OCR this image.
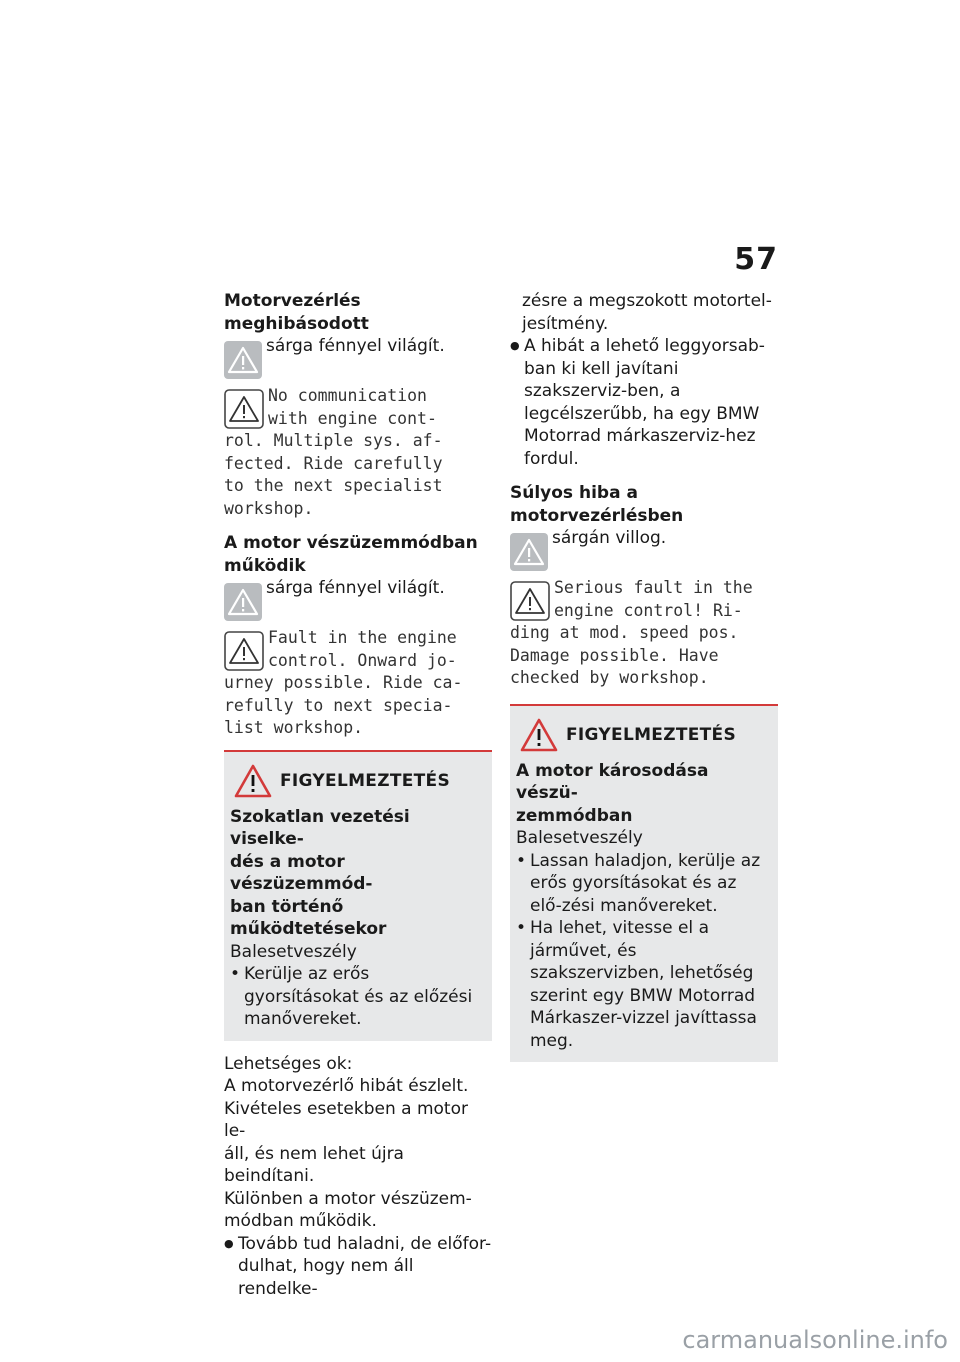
57
Motorvezérlés meghibásodott
sárga fénnyel világít.
No communication
with engine cont-
rol. Multiple sys. af-
fected. Ride carefully
to the next specialist
workshop.
A motor vészüzemmódban
működik
sárga fénnyel világít.
Fault in the engine
control. Onward jo-
urney possible. Ride ca-
refully to next specia-
list workshop.
FIGYELMEZTETÉS
Szokatlan vezetési viselke-
dés a motor vészüzemmód-
ban történő működtetésekor
Balesetveszély
• Kerülje az erős gyorsításokat és az előzési manővereket.
Lehetséges ok:
A motorvezérlő hibát észlelt.
Kivételes esetekben a motor le-
áll, és nem lehet újra beindítani.
Különben a motor vészüzem-
módban működik.
● Tovább tud haladni, de előfor-dulhat, hogy nem áll rendelke-
zésre a megszokott motortel-
jesítmény.
● A hibát a lehető leggyorsab-ban ki kell javítani szakszerviz-ben, a legcélszerűbb, ha egy BMW Motorrad márkaszerviz-hez fordul.
Súlyos hiba a
motorvezérlésben
sárgán villog.
Serious fault in the
engine control! Ri-
ding at mod. speed pos.
Damage possible. Have
checked by workshop.
FIGYELMEZTETÉS
A motor károsodása vészü-
zemmódban
Balesetveszély
• Lassan haladjon, kerülje az erős gyorsításokat és az elő-zési manővereket.
• Ha lehet, vitesse el a járművet, és szakszervizben, lehetőség szerint egy BMW Motorrad Márkaszer-vizzel javíttassa meg.
carmanualsonline.info
